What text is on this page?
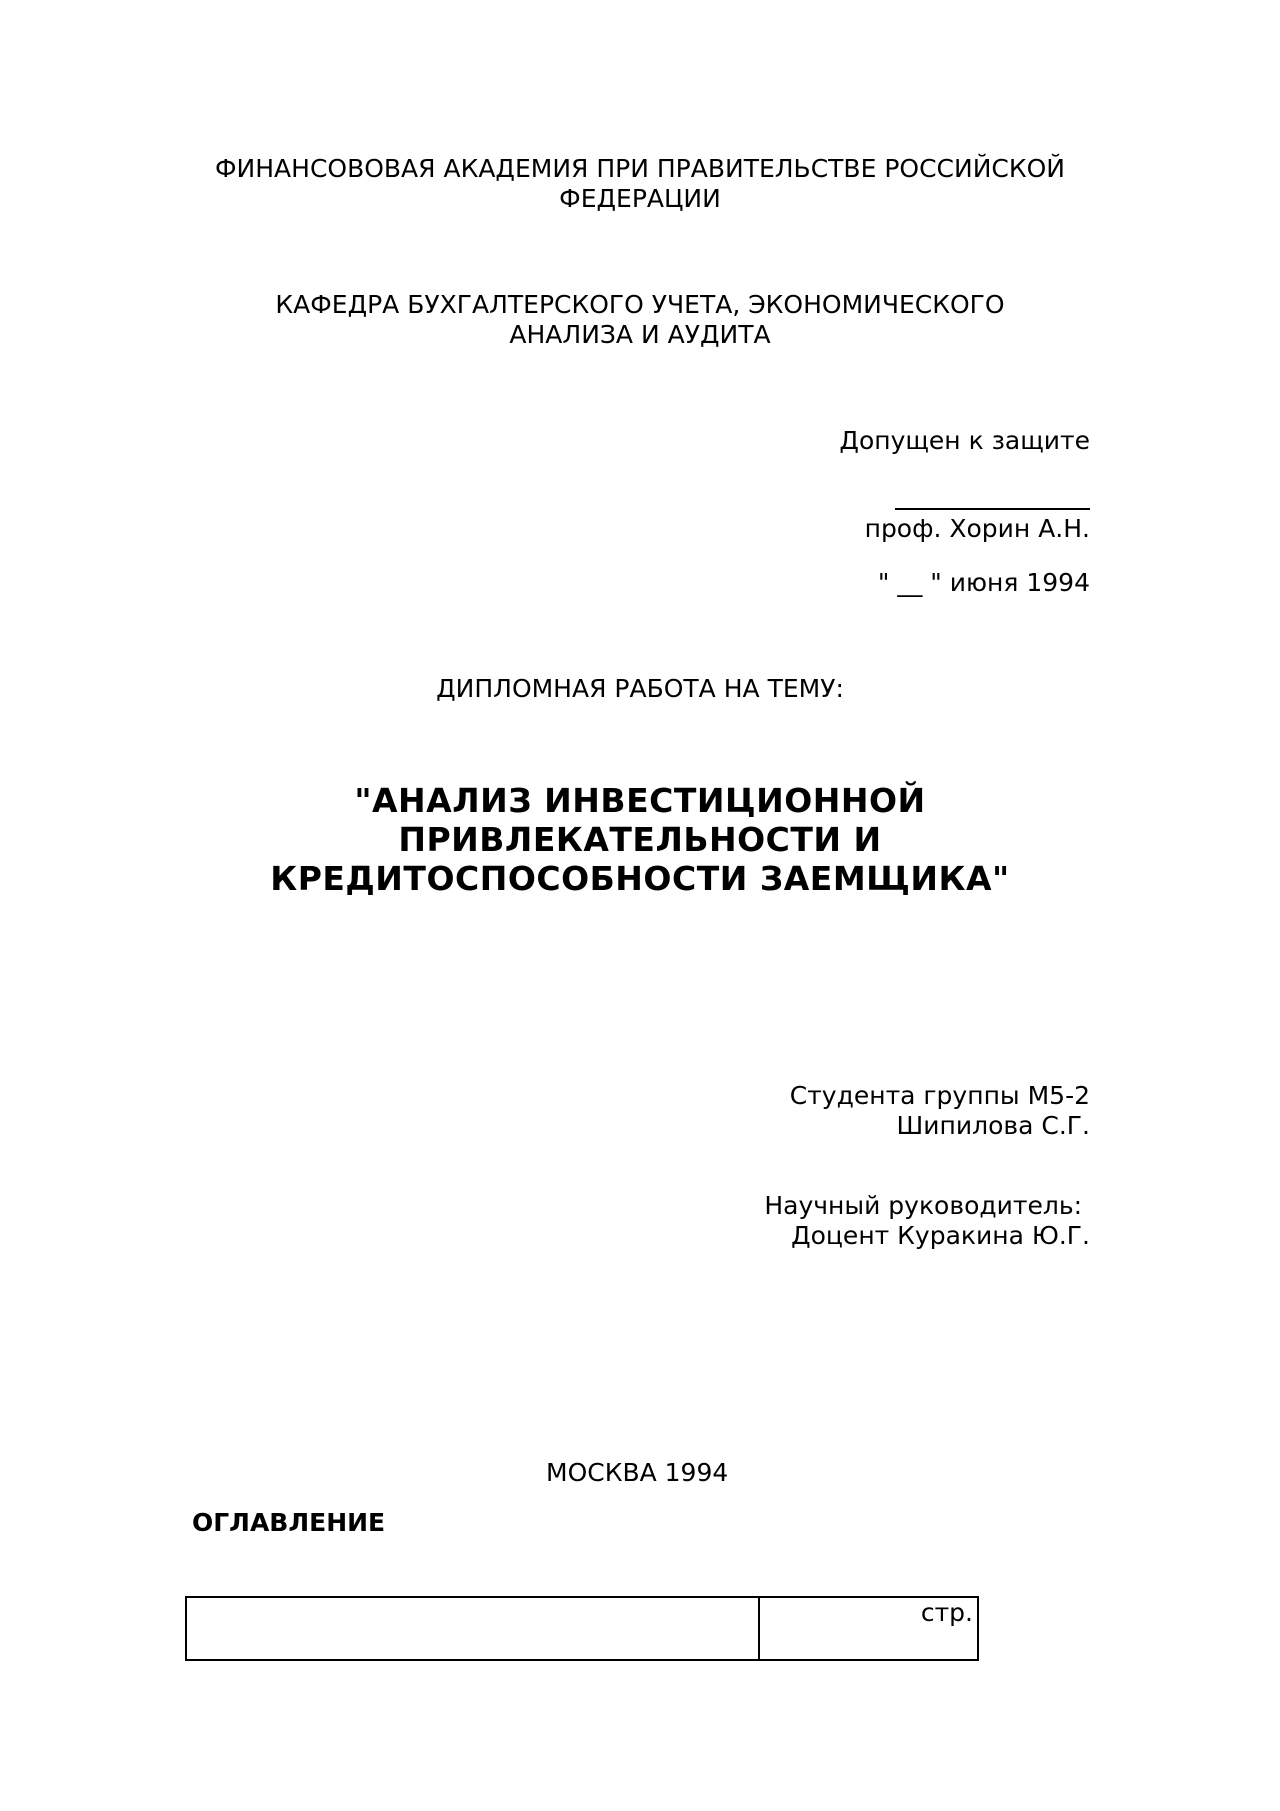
ФИНАНСОВОВАЯ АКАДЕМИЯ ПРИ ПРАВИТЕЛЬСТВЕ РОССИЙСКОЙ
ФЕДЕРАЦИИ
КАФЕДРА БУХГАЛТЕРСКОГО УЧЕТА, ЭКОНОМИЧЕСКОГО
АНАЛИЗА И АУДИТА
Допущен к защите
проф. Хорин А.Н.
" __ " июня 1994
ДИПЛОМНАЯ РАБОТА НА ТЕМУ:
"АНАЛИЗ ИНВЕСТИЦИОННОЙ
ПРИВЛЕКАТЕЛЬНОСТИ И
КРЕДИТОСПОСОБНОСТИ ЗАЕМЩИКА"
Студента группы М5-2
Шипилова С.Г.
Научный руководитель:
Доцент Куракина Ю.Г.
МОСКВА 1994
ОГЛАВЛЕНИЕ
	стр.
